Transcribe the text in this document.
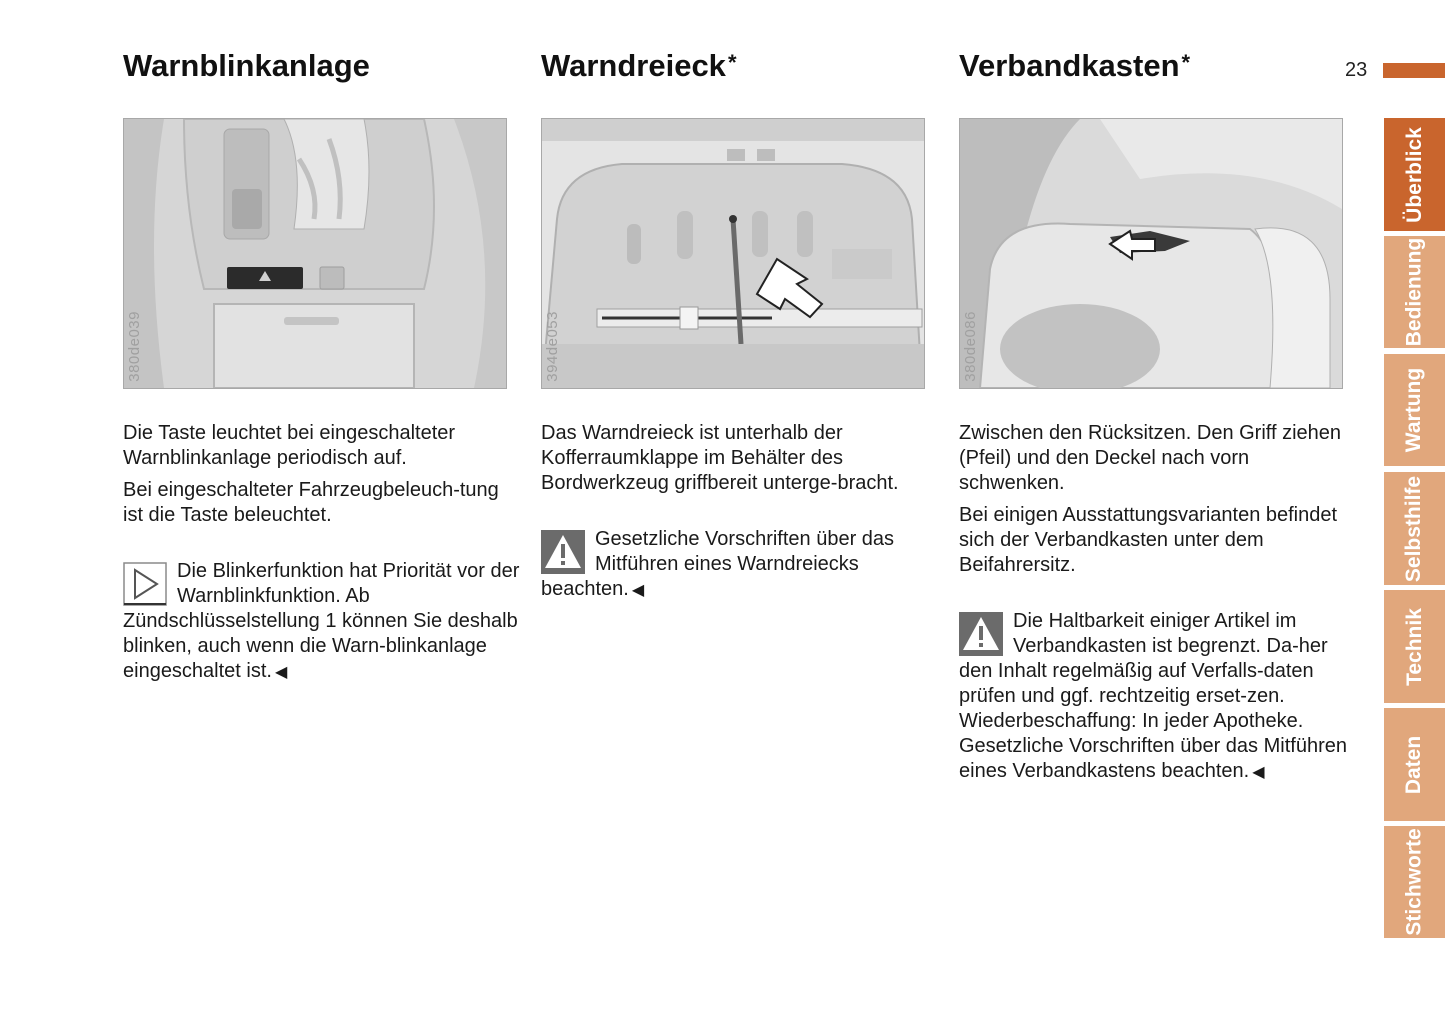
23
Überblick
Bedienung
Wartung
Selbsthilfe
Technik
Daten
Stichworte
Warnblinkanlage
380de039

Die Taste leuchtet bei eingeschalteter Warnblinkanlage periodisch auf.

Bei eingeschalteter Fahrzeugbeleuch-tung ist die Taste beleuchtet.

Die Blinkerfunktion hat Priorität vor der Warnblinkfunktion. Ab Zündschlüsselstellung 1 können Sie deshalb blinken, auch wenn die Warn-blinkanlage eingeschaltet ist. ◀

Warndreieck*
394de053

Das Warndreieck ist unterhalb der Kofferraumklappe im Behälter des Bordwerkzeug griffbereit unterge-bracht.

Gesetzliche Vorschriften über das Mitführen eines Warndreiecks beachten. ◀

Verbandkasten*
380de086

Zwischen den Rücksitzen. Den Griff ziehen (Pfeil) und den Deckel nach vorn schwenken.

Bei einigen Ausstattungsvarianten befindet sich der Verbandkasten unter dem Beifahrersitz.

Die Haltbarkeit einiger Artikel im Verbandkasten ist begrenzt. Da-her den Inhalt regelmäßig auf Verfalls-daten prüfen und ggf. rechtzeitig erset-zen. Wiederbeschaffung: In jeder Apotheke.

Gesetzliche Vorschriften über das Mitführen eines Verbandkastens beachten. ◀
